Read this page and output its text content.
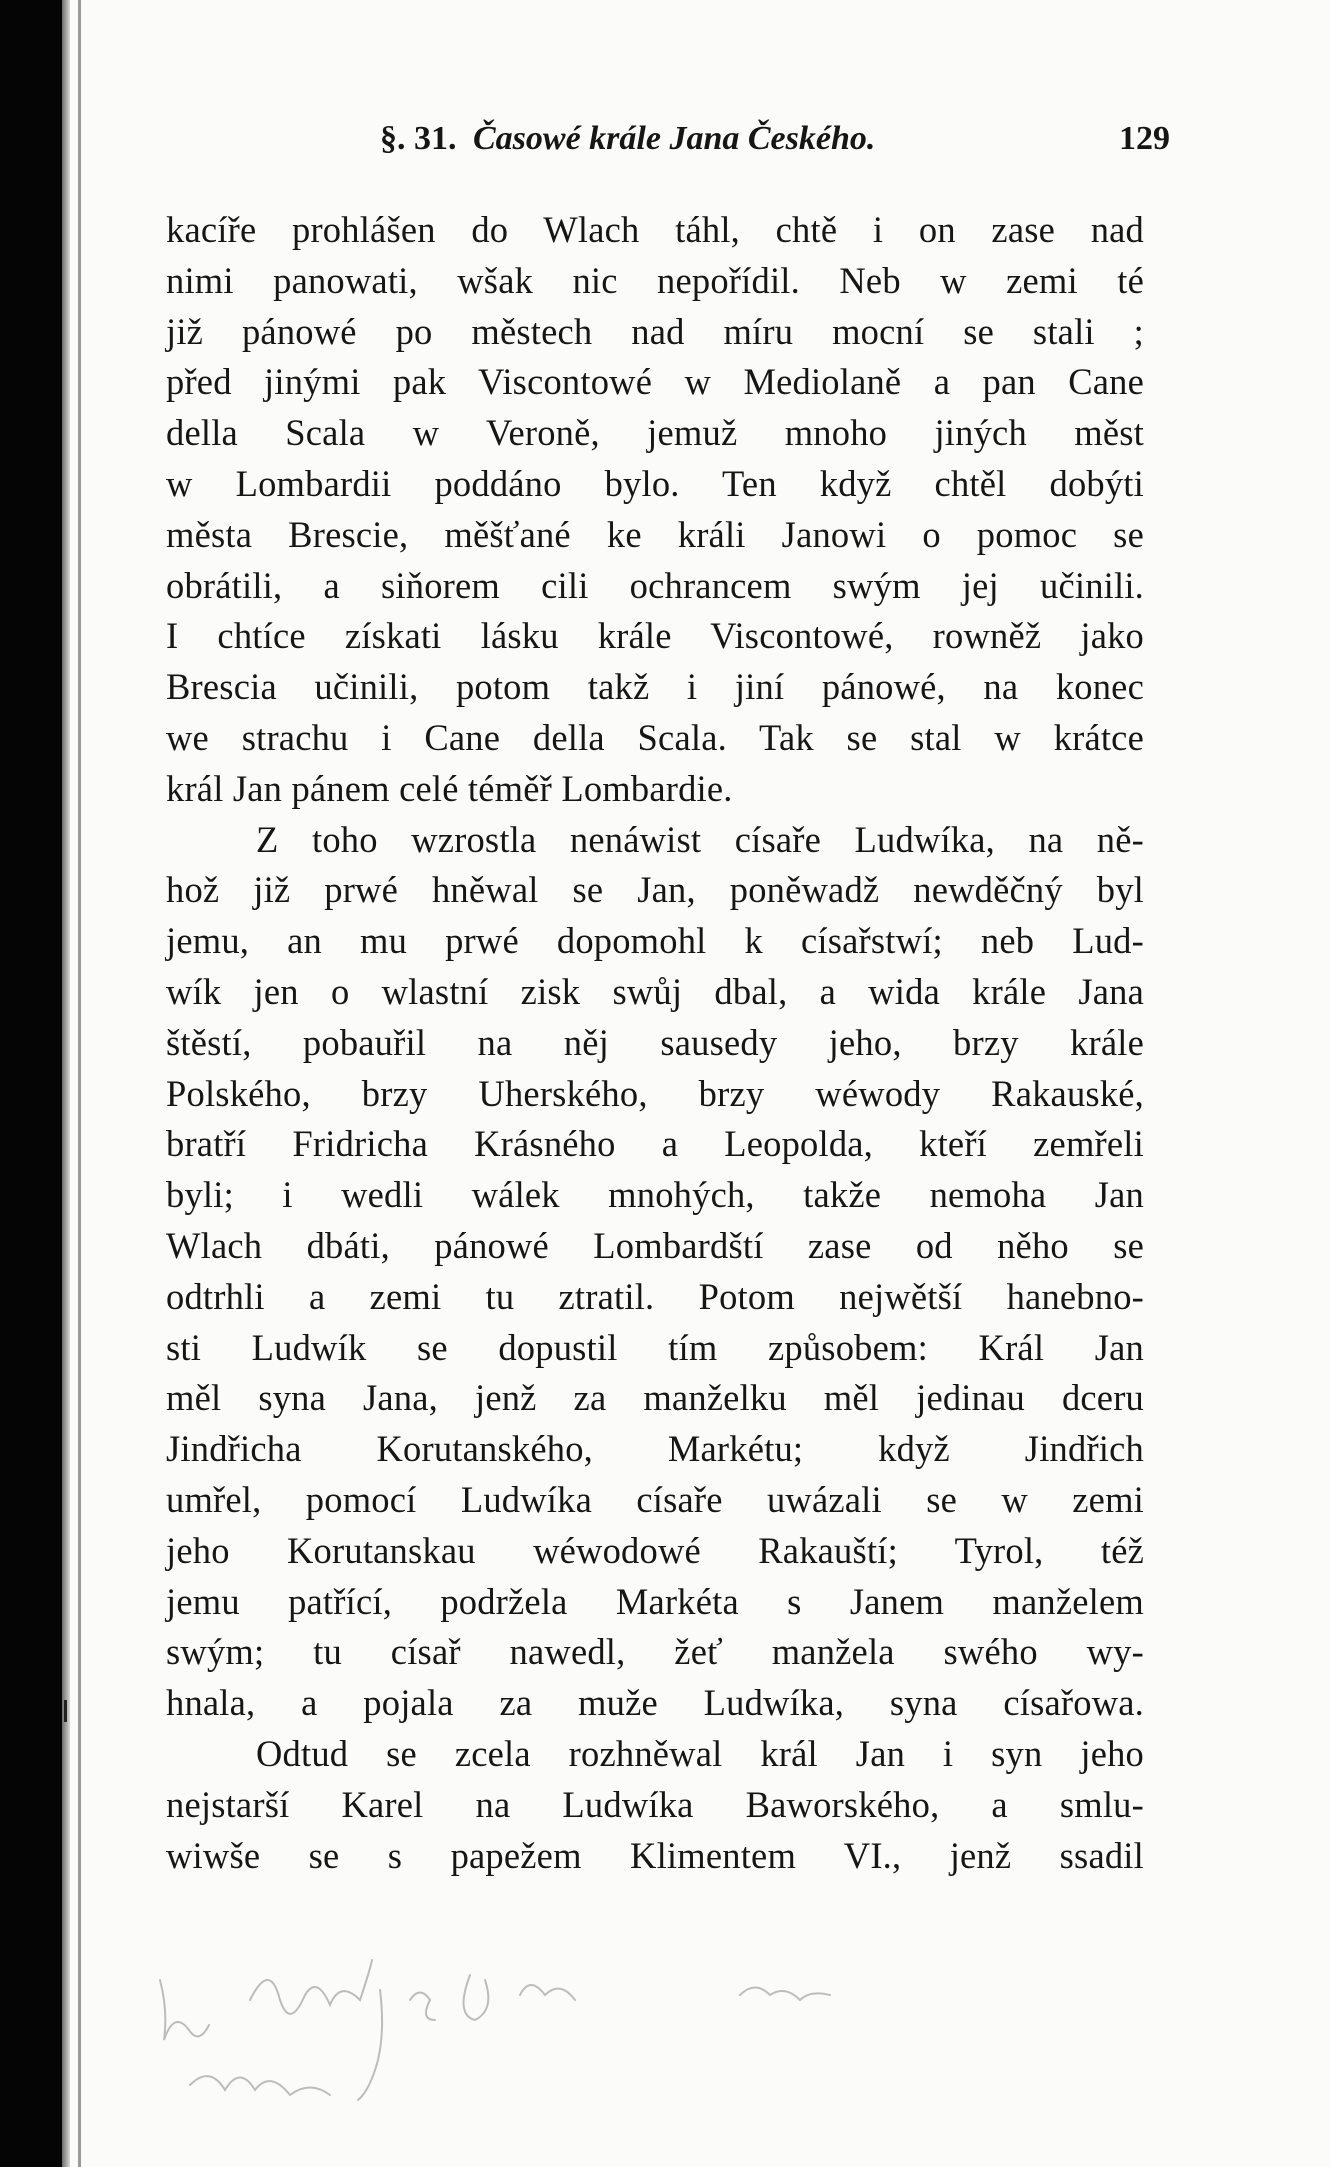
§. 31. Časowé krále Jana Českého.	129
kacíře prohlášen do Wlach táhl, chtě i on zase nad
nimi panowati, wšak nic nepořídil. Neb w zemi té
již pánowé po městech nad míru mocní se stali ;
před jinými pak Viscontowé w Mediolaně a pan Cane
della Scala w Veroně, jemuž mnoho jiných měst
w Lombardii poddáno bylo. Ten když chtěl dobýti
města Brescie, měšťané ke králi Janowi o pomoc se
obrátili, a siňorem cili ochrancem swým jej učinili.
I chtíce získati lásku krále Viscontowé, rowněž jako
Brescia učinili, potom takž i jiní pánowé, na konec
we strachu i Cane della Scala. Tak se stal w krátce
král Jan pánem celé téměř Lombardie.
Z toho wzrostla nenáwist císaře Ludwíka, na ně-
hož již prwé hněwal se Jan, poněwadž newděčný byl
jemu, an mu prwé dopomohl k císařstwí; neb Lud-
wík jen o wlastní zisk swůj dbal, a wida krále Jana
štěstí, pobauřil na něj sausedy jeho, brzy krále
Polského, brzy Uherského, brzy wéwody Rakauské,
bratří Fridricha Krásného a Leopolda, kteří zemřeli
byli; i wedli wálek mnohých, takže nemoha Jan
Wlach dbáti, pánowé Lombardští zase od něho se
odtrhli a zemi tu ztratil. Potom nejwětší hanebno-
sti Ludwík se dopustil tím způsobem: Král Jan
měl syna Jana, jenž za manželku měl jedinau dceru
Jindřicha Korutanského, Markétu; když Jindřich
umřel, pomocí Ludwíka císaře uwázali se w zemi
jeho Korutanskau wéwodowé Rakauští; Tyrol, též
jemu patřící, podržela Markéta s Janem manželem
swým; tu císař nawedl, žeť manžela swého wy-
hnala, a pojala za muže Ludwíka, syna císařowa.
Odtud se zcela rozhněwal král Jan i syn jeho
nejstarší Karel na Ludwíka Baworského, a smlu-
wiwše se s papežem Klimentem VI., jenž ssadil
